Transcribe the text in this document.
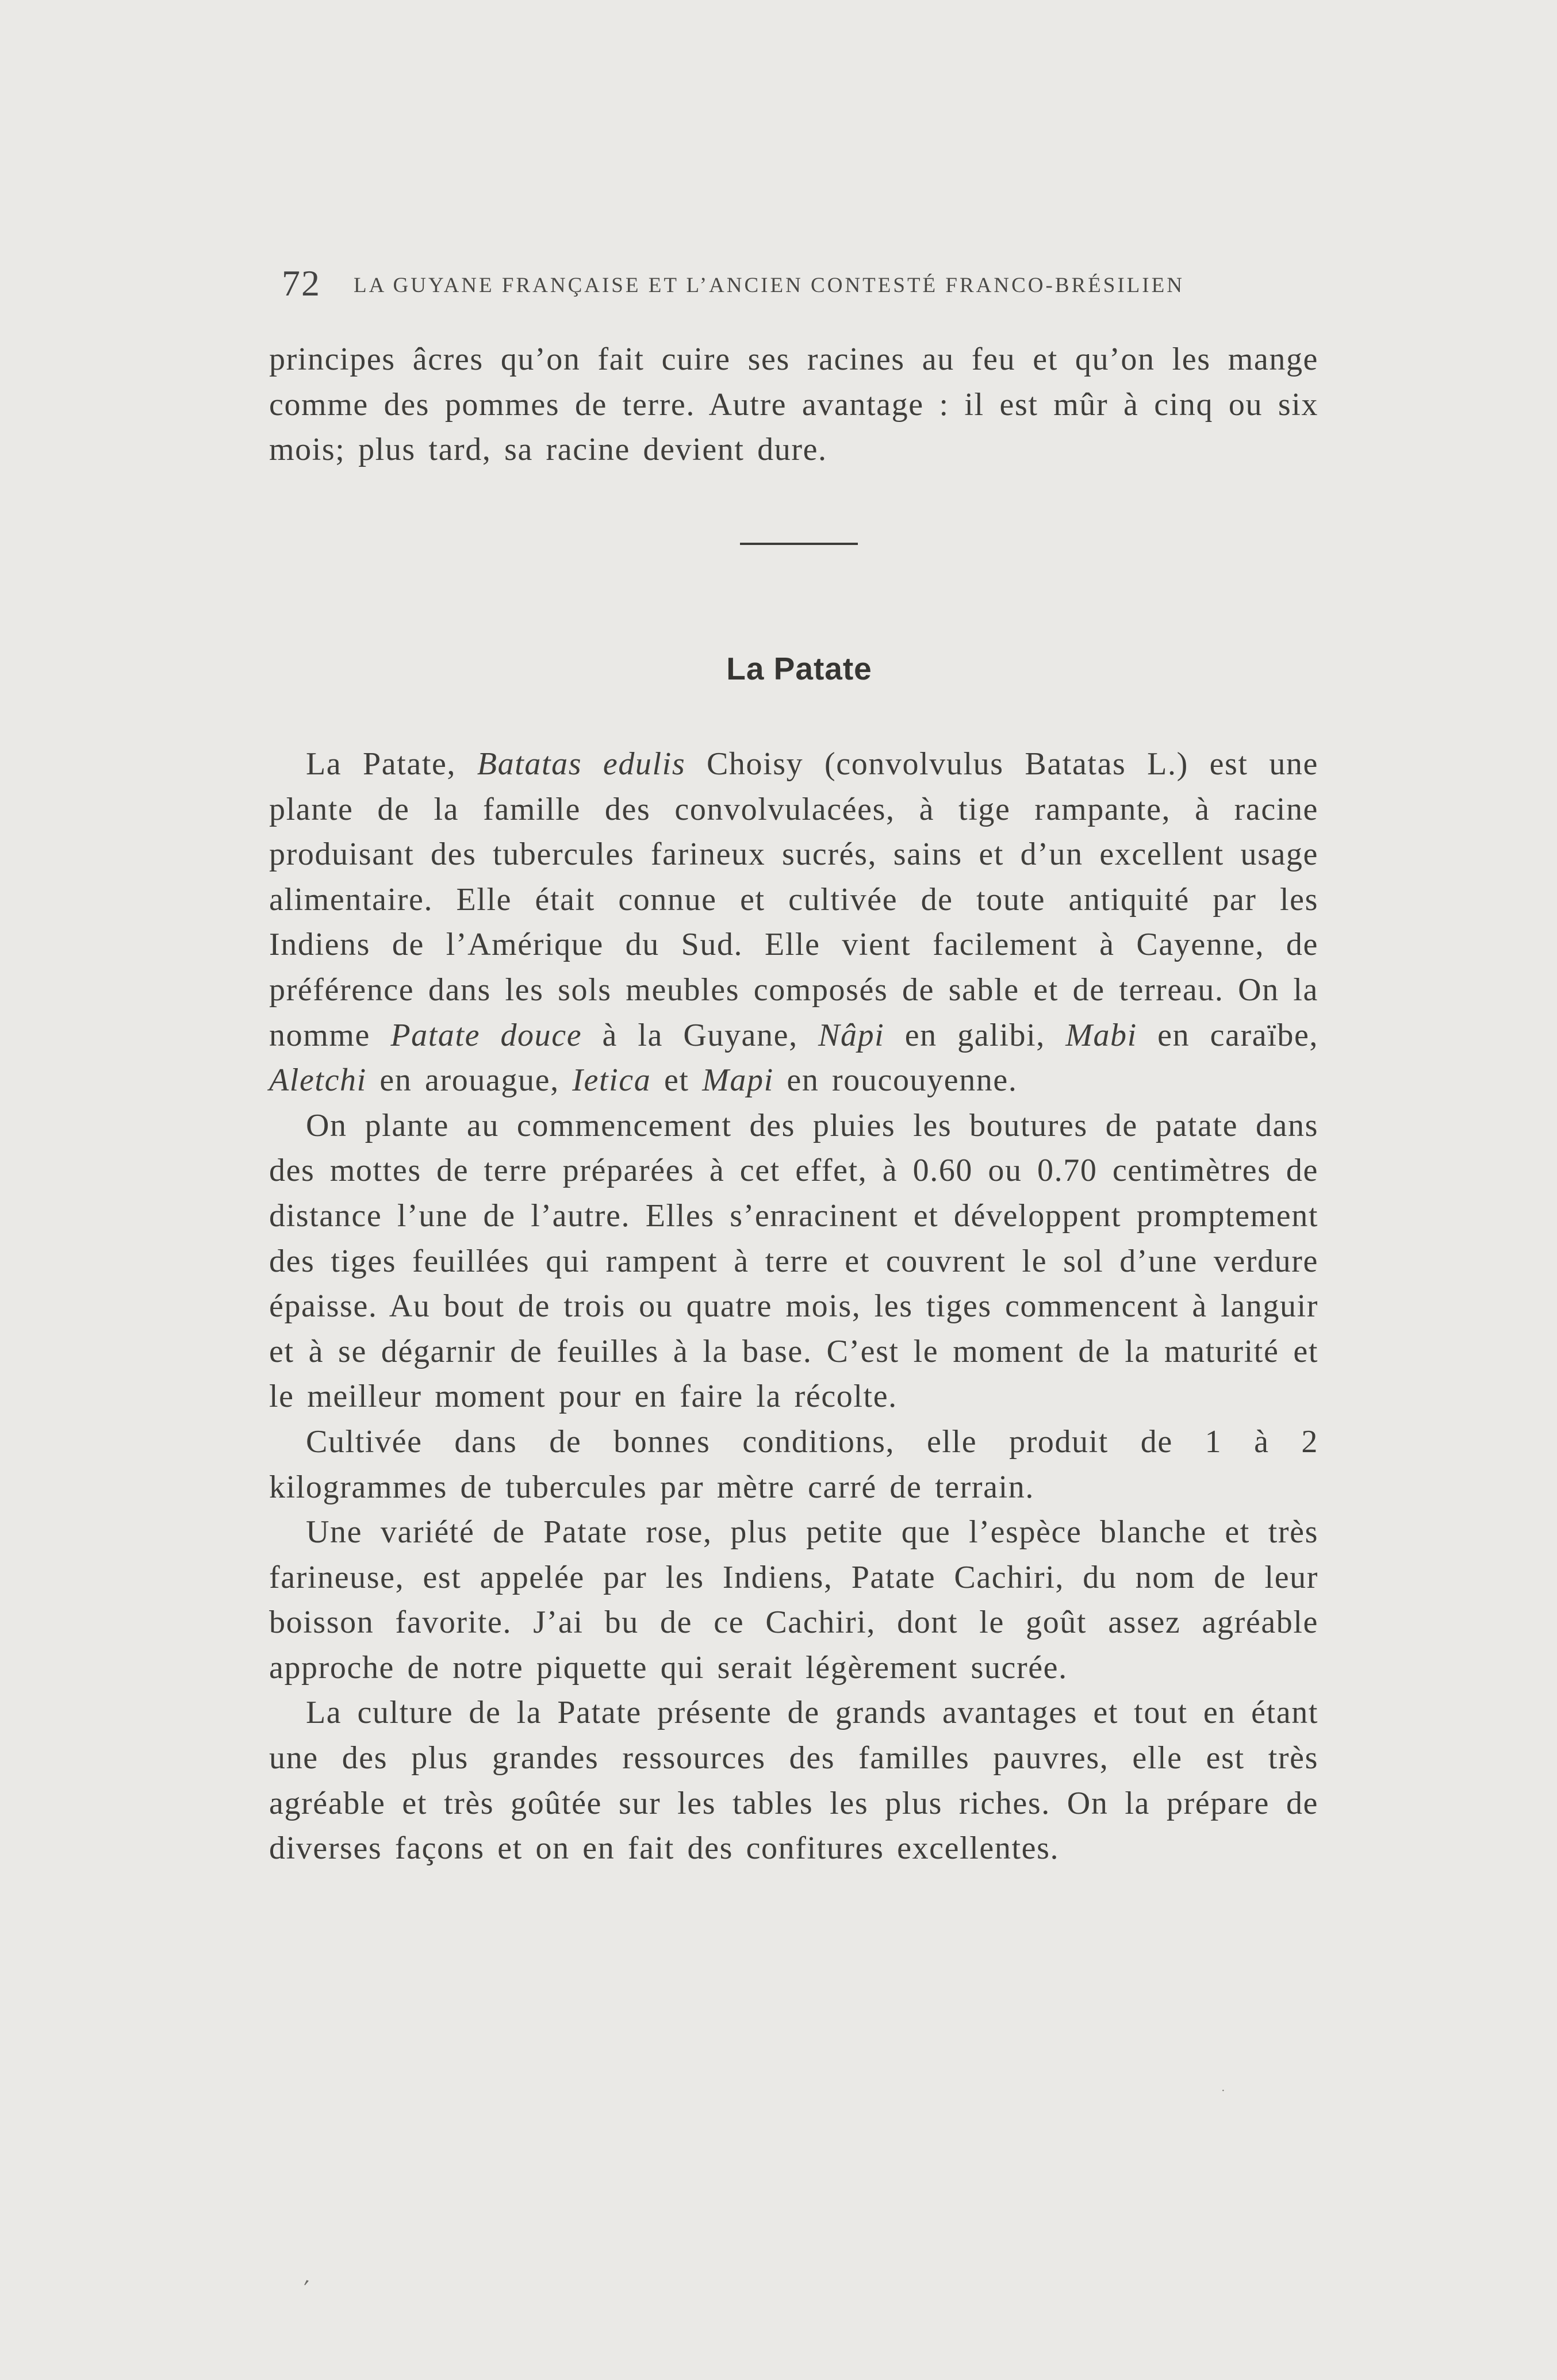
72 LA GUYANE FRANÇAISE ET L’ANCIEN CONTESTÉ FRANCO-BRÉSILIEN

principes âcres qu’on fait cuire ses racines au feu et qu’on les mange comme des pommes de terre. Autre avantage : il est mûr à cinq ou six mois; plus tard, sa racine devient dure.

La Patate

La Patate, Batatas edulis Choisy (convolvulus Batatas L.) est une plante de la famille des convolvulacées, à tige rampante, à racine produisant des tubercules farineux sucrés, sains et d’un excellent usage alimentaire. Elle était connue et cultivée de toute antiquité par les Indiens de l’Amérique du Sud. Elle vient facilement à Cayenne, de préférence dans les sols meubles composés de sable et de terreau. On la nomme Patate douce à la Guyane, Nâpi en galibi, Mabi en caraïbe, Aletchi en arouague, Ietica et Mapi en roucouyenne.

On plante au commencement des pluies les boutures de patate dans des mottes de terre préparées à cet effet, à 0.60 ou 0.70 centimètres de distance l’une de l’autre. Elles s’enracinent et développent promptement des tiges feuillées qui rampent à terre et couvrent le sol d’une verdure épaisse. Au bout de trois ou quatre mois, les tiges commencent à languir et à se dégarnir de feuilles à la base. C’est le moment de la maturité et le meilleur moment pour en faire la récolte.

Cultivée dans de bonnes conditions, elle produit de 1 à 2 kilogrammes de tubercules par mètre carré de terrain.

Une variété de Patate rose, plus petite que l’espèce blanche et très farineuse, est appelée par les Indiens, Patate Cachiri, du nom de leur boisson favorite. J’ai bu de ce Cachiri, dont le goût assez agréable approche de notre piquette qui serait légèrement sucrée.

La culture de la Patate présente de grands avantages et tout en étant une des plus grandes ressources des familles pauvres, elle est très agréable et très goûtée sur les tables les plus riches. On la prépare de diverses façons et on en fait des confitures excellentes.

′
·
